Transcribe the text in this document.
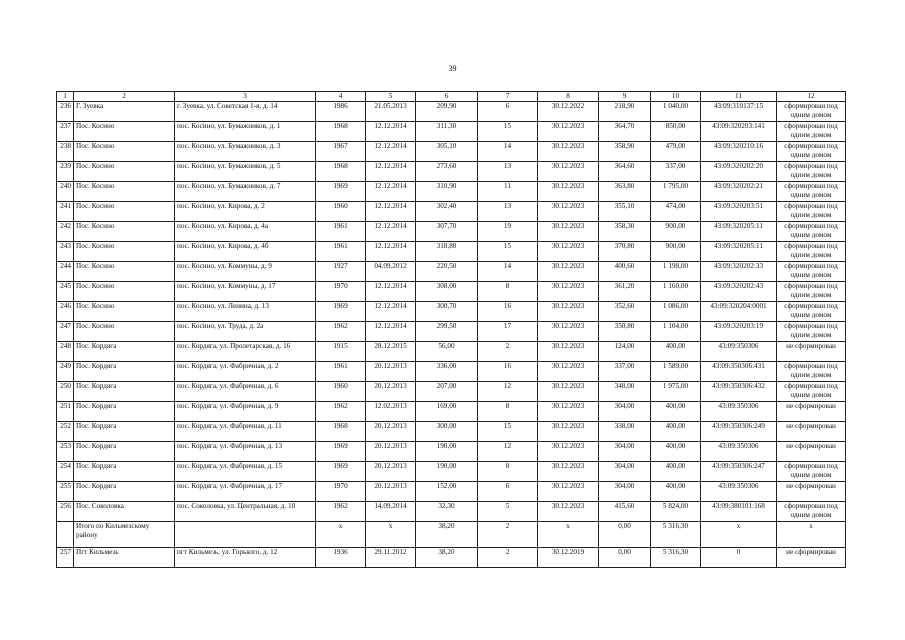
39
1	2	3	4	5	6	7	8	9	10	11	12
236	Г. Зуевка	г. Зуевка, ул. Советская 1-я, д. 14	1986	21.05.2013	209,90	6	30.12.2022	218,90	1 040,00	43:09:310137:15	сформирован под одним домом
237	Пос. Косино	пос. Косино, ул. Бумажников, д. 1	1968	12.12.2014	311,30	15	30.12.2023	364,70	850,00	43:09:320203:141	сформирован под одним домом
238	Пос. Косино	пос. Косино, ул. Бумажников, д. 3	1967	12.12.2014	305,10	14	30.12.2023	358,90	479,00	43:09:320210:16	сформирован под одним домом
239	Пос. Косино	пос. Косино, ул. Бумажников, д. 5	1968	12.12.2014	273,60	13	30.12.2023	364,60	337,00	43:09:320202:20	сформирован под одним домом
240	Пос. Косино	пос. Косино, ул. Бумажников, д. 7	1969	12.12.2014	310,90	11	30.12.2023	363,80	1 795,00	43:09:320202:21	сформирован под одним домом
241	Пос. Косино	пос. Косино, ул. Кирова, д. 2	1960	12.12.2014	302,40	13	30.12.2023	355,10	474,00	43:09:320203:51	сформирован под одним домом
242	Пос. Косино	пос. Косино, ул. Кирова, д. 4а	1961	12.12.2014	307,70	19	30.12.2023	358,30	900,00	43:09:320205:11	сформирован под одним домом
243	Пос. Косино	пос. Косино, ул. Кирова, д. 4б	1961	12.12.2014	318,80	15	30.12.2023	370,80	900,00	43:09:320205:11	сформирован под одним домом
244	Пос. Косино	пос. Косино, ул. Коммуны, д. 9	1927	04.09.2012	220,50	14	30.12.2023	400,60	1 198,00	43:09:320202:33	сформирован под одним домом
245	Пос. Косино	пос. Косино, ул. Коммуны, д. 17	1970	12.12.2014	308,00	8	30.12.2023	361,20	1 160,00	43:09:320202:43	сформирован под одним домом
246	Пос. Косино	пос. Косино, ул. Ленина, д. 13	1969	12.12.2014	300,70	16	30.12.2023	352,60	1 086,00	43:09:320204:0001	сформирован под одним домом
247	Пос. Косино	пос. Косино, ул. Труда, д. 2а	1962	12.12.2014	299,50	17	30.12.2023	350,80	1 104,00	43:09:320203:19	сформирован под одним домом
248	Пос. Кордяга	пос. Кордяга, ул. Пролетарская, д. 16	1915	28.12.2015	56,00	2	30.12.2023	124,00	400,00	43:09:350306	не сформирован
249	Пос. Кордяга	пос. Кордяга, ул. Фабричная, д. 2	1961	20.12.2013	336,00	16	30.12.2023	337,00	1 589,00	43:09:350306:431	сформирован под одним домом
250	Пос. Кордяга	пос. Кордяга, ул. Фабричная, д. 6	1960	20.12.2013	207,00	12	30.12.2023	348,00	1 975,00	43:09:350306:432	сформирован под одним домом
251	Пос. Кордяга	пос. Кордяга, ул. Фабричная, д. 9	1962	12.02.2013	169,00	8	30.12.2023	304,00	400,00	43:09:350306	не сформирован
252	Пос. Кордяга	пос. Кордяга, ул. Фабричная, д. 11	1968	20.12.2013	300,00	15	30.12.2023	338,00	400,00	43:09:350306:249	не сформирован
253	Пос. Кордяга	пос. Кордяга, ул. Фабричная, д. 13	1969	20.12.2013	190,00	12	30.12.2023	304,00	400,00	43:09:350306	не сформирован
254	Пос. Кордяга	пос. Кордяга, ул. Фабричная, д. 15	1969	20.12.2013	190,00	8	30.12.2023	304,00	400,00	43:09:350306:247	сформирован под одним домом
255	Пос. Кордяга	пос. Кордяга, ул. Фабричная, д. 17	1970	20.12.2013	152,00	6	30.12.2023	304,00	400,00	43:09:350306	не сформирован
256	Пос. Соколовка	пос. Соколовка, ул. Центральная, д. 10	1962	14.09.2014	32,30	5	30.12.2023	415,60	5 824,00	43:09:380101:168	сформирован под одним домом
	Итого по Кильмезскому району		x	x	38,20	2	x	0,00	5 316,30	x	x
257	Пгт Кильмезь	пгт Кильмезь, ул. Горького, д. 12	1936	29.11.2012	38,20	2	30.12.2019	0,00	5 316,30	0	не сформирован
